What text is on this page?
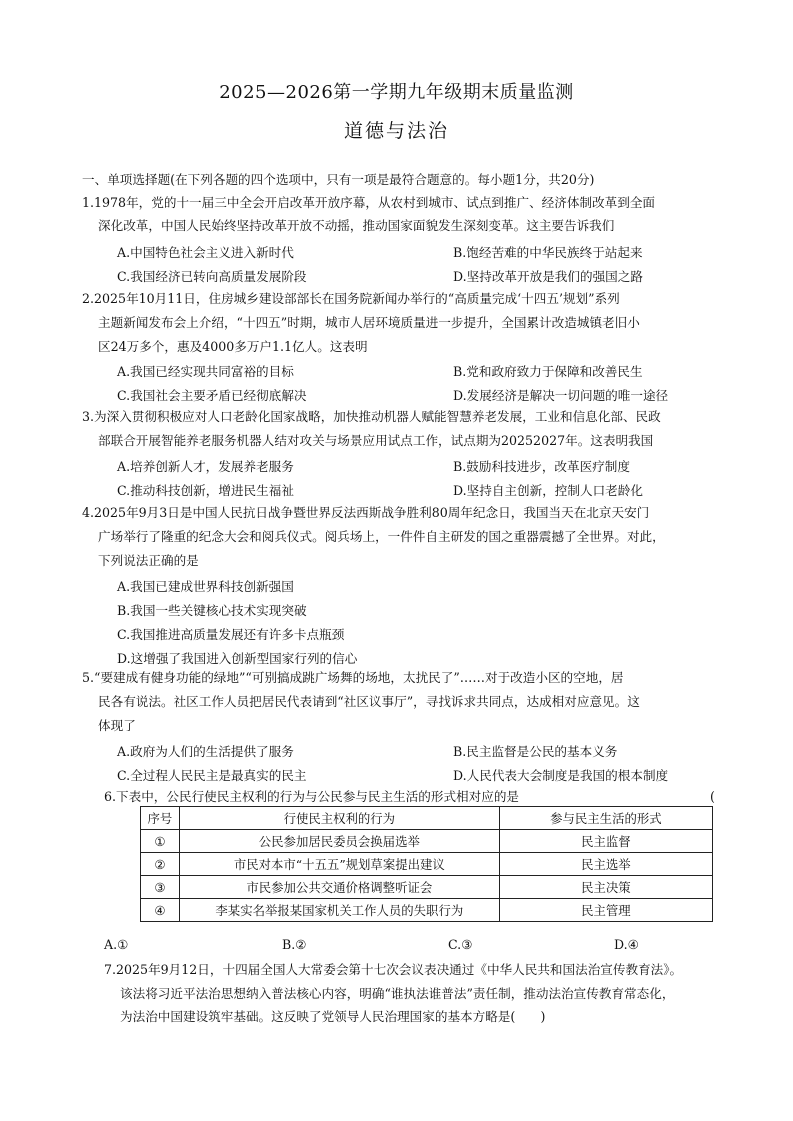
2025—2026第一学期九年级期末质量监测
道德与法治
一、单项选择题(在下列各题的四个选项中，只有一项是最符合题意的。每小题1分，共20分)
1.1978年，党的十一届三中全会开启改革开放序幕，从农村到城市、试点到推广、经济体制改革到全面
深化改革，中国人民始终坚持改革开放不动摇，推动国家面貌发生深刻变革。这主要告诉我们
A.中国特色社会主义进入新时代	B.饱经苦难的中华民族终于站起来
C.我国经济已转向高质量发展阶段	D.坚持改革开放是我们的强国之路
2.2025年10月11日，住房城乡建设部部长在国务院新闻办举行的“高质量完成‘十四五’规划”系列
主题新闻发布会上介绍，“十四五”时期，城市人居环境质量进一步提升，全国累计改造城镇老旧小
区24万多个，惠及4000多万户1.1亿人。这表明
A.我国已经实现共同富裕的目标	B.党和政府致力于保障和改善民生
C.我国社会主要矛盾已经彻底解决	D.发展经济是解决一切问题的唯一途径
3.为深入贯彻积极应对人口老龄化国家战略，加快推动机器人赋能智慧养老发展，工业和信息化部、民政
部联合开展智能养老服务机器人结对攻关与场景应用试点工作，试点期为20252027年。这表明我国
A.培养创新人才，发展养老服务	B.鼓励科技进步，改革医疗制度
C.推动科技创新，增进民生福祉	D.坚持自主创新，控制人口老龄化
4.2025年9月3日是中国人民抗日战争暨世界反法西斯战争胜利80周年纪念日，我国当天在北京天安门
广场举行了隆重的纪念大会和阅兵仪式。阅兵场上，一件件自主研发的国之重器震撼了全世界。对此，
下列说法正确的是
A.我国已建成世界科技创新强国
B.我国一些关键核心技术实现突破
C.我国推进高质量发展还有许多卡点瓶颈
D.这增强了我国进入创新型国家行列的信心
5.“要建成有健身功能的绿地”“可别搞成跳广场舞的场地，太扰民了”……对于改造小区的空地，居
民各有说法。社区工作人员把居民代表请到“社区议事厅”，寻找诉求共同点，达成相对应意见。这
体现了
A.政府为人们的生活提供了服务	B.民主监督是公民的基本义务
C.全过程人民民主是最真实的民主	D.人民代表大会制度是我国的根本制度
6.下表中，公民行使民主权利的行为与公民参与民主生活的形式相对应的是	(
序号	行使民主权利的行为	参与民主生活的形式
①	公民参加居民委员会换届选举	民主监督
②	市民对本市“十五五”规划草案提出建议	民主选举
③	市民参加公共交通价格调整听证会	民主决策
④	李某实名举报某国家机关工作人员的失职行为	民主管理
A.①	B.②	C.③	D.④
7.2025年9月12日，十四届全国人大常委会第十七次会议表决通过《中华人民共和国法治宣传教育法》。
该法将习近平法治思想纳入普法核心内容，明确“谁执法谁普法”责任制，推动法治宣传教育常态化，
为法治中国建设筑牢基础。这反映了党领导人民治理国家的基本方略是(　　)
